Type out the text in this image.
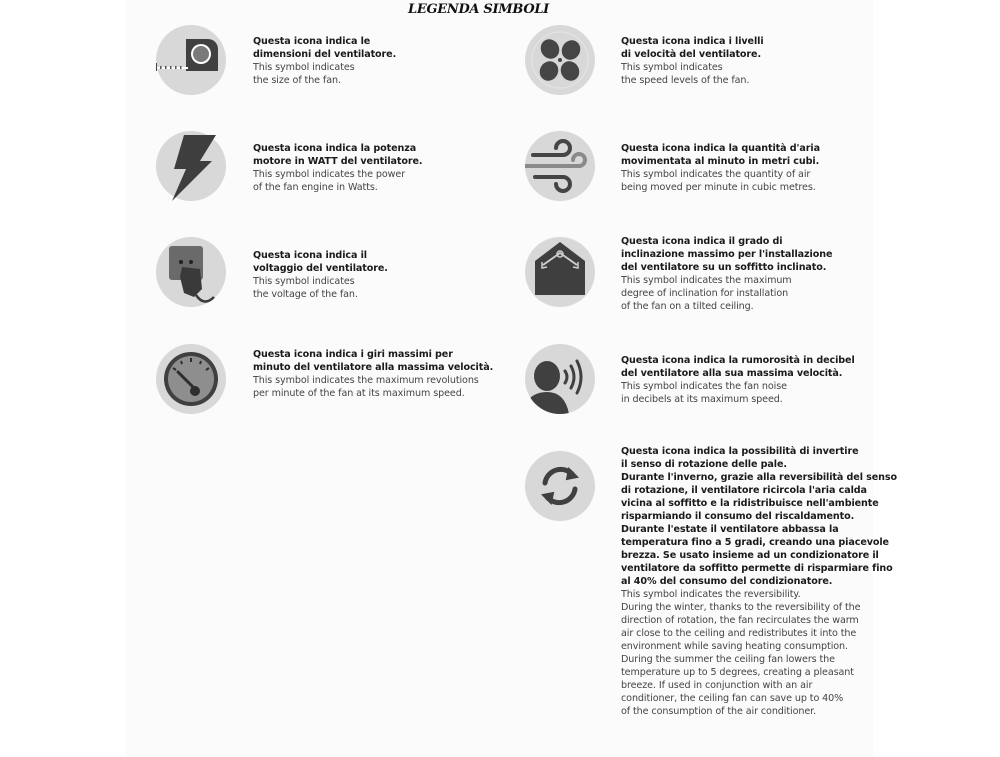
LEGENDA SIMBOLI
Questa icona indica le
dimensioni del ventilatore.
This symbol indicates
the size of the fan.
Questa icona indica i livelli
di velocità del ventilatore.
This symbol indicates
the speed levels of the fan.
Questa icona indica la potenza
motore in WATT del ventilatore.
This symbol indicates the power
of the fan engine in Watts.
Questa icona indica la quantità d'aria
movimentata al minuto in metri cubi.
This symbol indicates the quantity of air
being moved per minute in cubic metres.
Questa icona indica il
voltaggio del ventilatore.
This symbol indicates
the voltage of the fan.
Questa icona indica il grado di
inclinazione massimo per l'installazione
del ventilatore su un soffitto inclinato.
This symbol indicates the maximum
degree of inclination for installation
of the fan on a tilted ceiling.
Questa icona indica i giri massimi per
minuto del ventilatore alla massima velocità.
This symbol indicates the maximum revolutions
per minute of the fan at its maximum speed.
Questa icona indica la rumorosità in decibel
del ventilatore alla sua massima velocità.
This symbol indicates the fan noise
in decibels at its maximum speed.
Questa icona indica la possibilità di invertire
il senso di rotazione delle pale.
Durante l'inverno, grazie alla reversibilità del senso
di rotazione, il ventilatore ricircola l'aria calda
vicina al soffitto e la ridistribuisce nell'ambiente
risparmiando il consumo del riscaldamento.
Durante l'estate il ventilatore abbassa la
temperatura fino a 5 gradi, creando una piacevole
brezza. Se usato insieme ad un condizionatore il
ventilatore da soffitto permette di risparmiare fino
al 40% del consumo del condizionatore.
This symbol indicates the reversibility.
During the winter, thanks to the reversibility of the
direction of rotation, the fan recirculates the warm
air close to the ceiling and redistributes it into the
environment while saving heating consumption.
During the summer the ceiling fan lowers the
temperature up to 5 degrees, creating a pleasant
breeze. If used in conjunction with an air
conditioner, the ceiling fan can save up to 40%
of the consumption of the air conditioner.
